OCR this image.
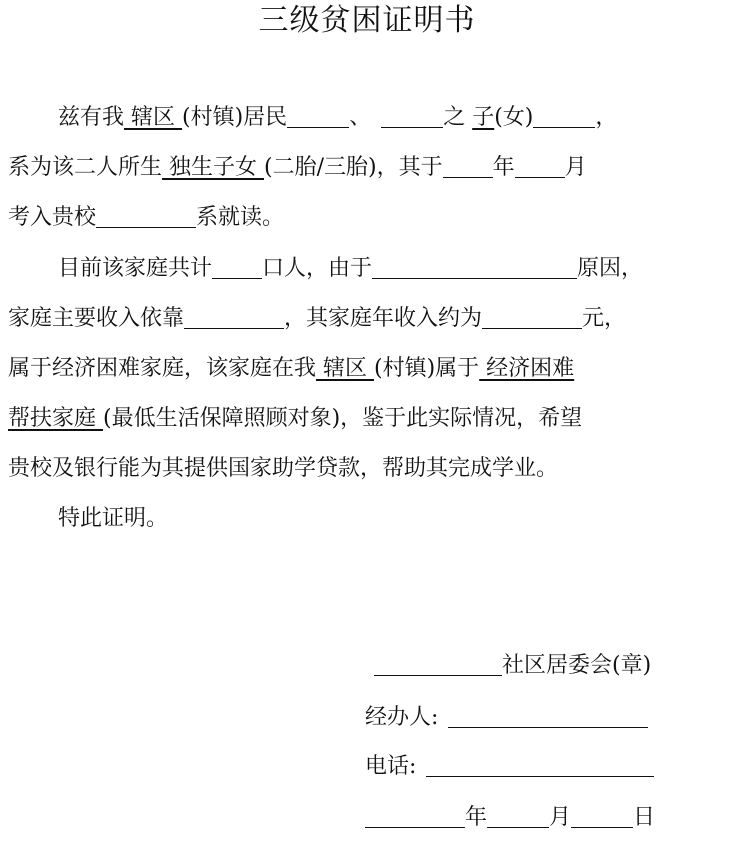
三级贫困证明书
兹有我 辖区 (村镇)居民	、	之 子(女)	，
系为该二人所生 独生子女 (二胎/三胎)，其于 年 月
考入贵校	系就读。
目前该家庭共计 口人，由于	原因，
家庭主要收入依靠	，其家庭年收入约为	元，
属于经济困难家庭，该家庭在我 辖区 (村镇)属于 经济困难
帮扶家庭 (最低生活保障照顾对象)，鉴于此实际情况，希望
贵校及银行能为其提供国家助学贷款，帮助其完成学业。
特此证明。
社区居委会(章)
经办人:
电话:
年	月	日
